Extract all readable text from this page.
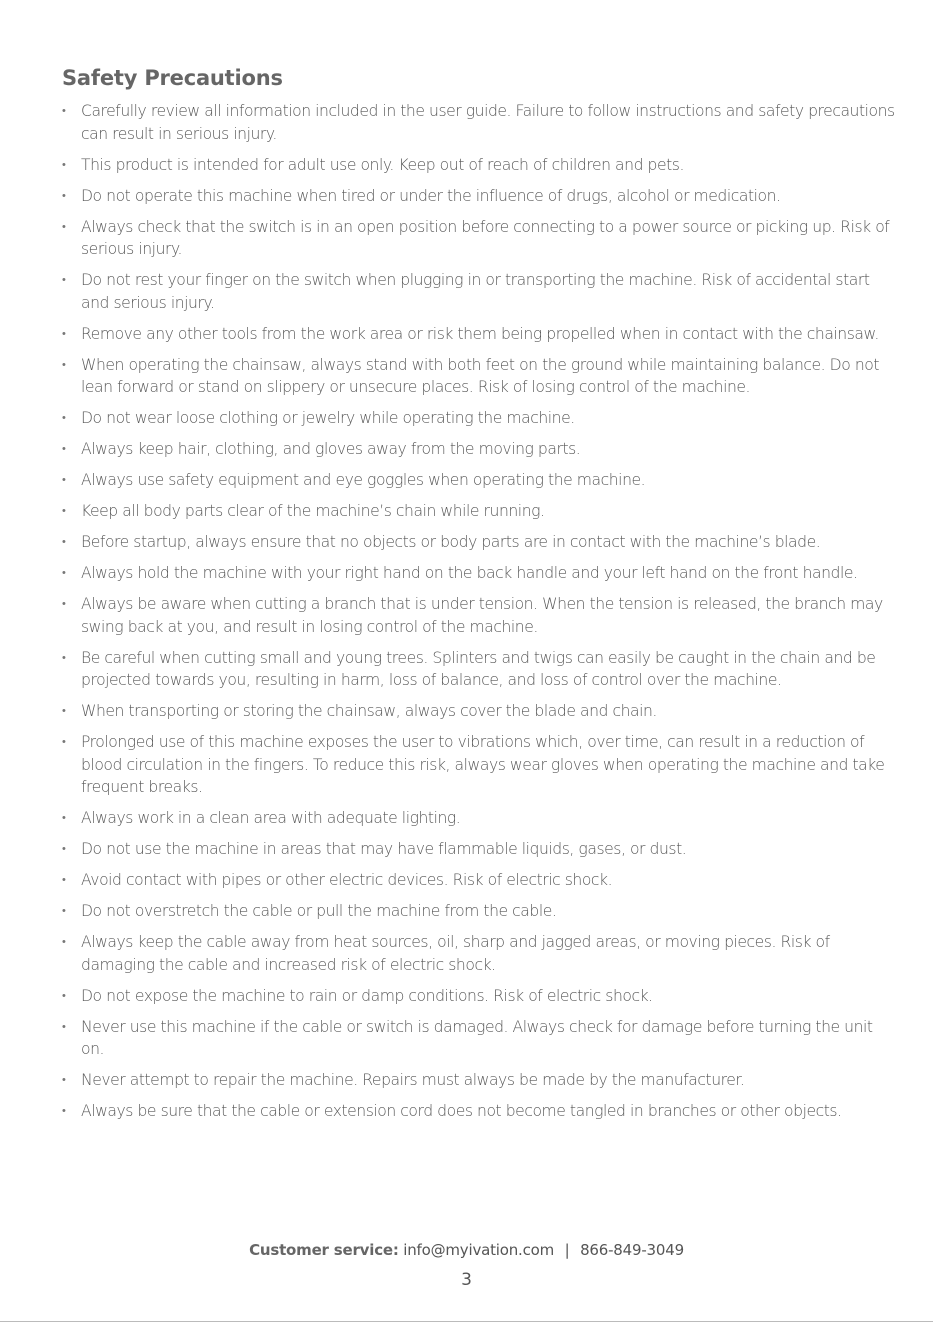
Safety Precautions
• Carefully review all information included in the user guide. Failure to follow instructions and safety precautions can result in serious injury.
• This product is intended for adult use only. Keep out of reach of children and pets.
• Do not operate this machine when tired or under the influence of drugs, alcohol or medication.
• Always check that the switch is in an open position before connecting to a power source or picking up. Risk of serious injury.
• Do not rest your finger on the switch when plugging in or transporting the machine. Risk of accidental start and serious injury.
• Remove any other tools from the work area or risk them being propelled when in contact with the chainsaw.
• When operating the chainsaw, always stand with both feet on the ground while maintaining balance. Do not lean forward or stand on slippery or unsecure places. Risk of losing control of the machine.
• Do not wear loose clothing or jewelry while operating the machine.
• Always keep hair, clothing, and gloves away from the moving parts.
• Always use safety equipment and eye goggles when operating the machine.
• Keep all body parts clear of the machine’s chain while running.
• Before startup, always ensure that no objects or body parts are in contact with the machine’s blade.
• Always hold the machine with your right hand on the back handle and your left hand on the front handle.
• Always be aware when cutting a branch that is under tension. When the tension is released, the branch may swing back at you, and result in losing control of the machine.
• Be careful when cutting small and young trees. Splinters and twigs can easily be caught in the chain and be projected towards you, resulting in harm, loss of balance, and loss of control over the machine.
• When transporting or storing the chainsaw, always cover the blade and chain.
• Prolonged use of this machine exposes the user to vibrations which, over time, can result in a reduction of blood circulation in the fingers. To reduce this risk, always wear gloves when operating the machine and take frequent breaks.
• Always work in a clean area with adequate lighting.
• Do not use the machine in areas that may have flammable liquids, gases, or dust.
• Avoid contact with pipes or other electric devices. Risk of electric shock.
• Do not overstretch the cable or pull the machine from the cable.
• Always keep the cable away from heat sources, oil, sharp and jagged areas, or moving pieces. Risk of damaging the cable and increased risk of electric shock.
• Do not expose the machine to rain or damp conditions. Risk of electric shock.
• Never use this machine if the cable or switch is damaged. Always check for damage before turning the unit on.
• Never attempt to repair the machine. Repairs must always be made by the manufacturer.
• Always be sure that the cable or extension cord does not become tangled in branches or other objects.
Customer service: info@myivation.com | 866-849-3049
3
